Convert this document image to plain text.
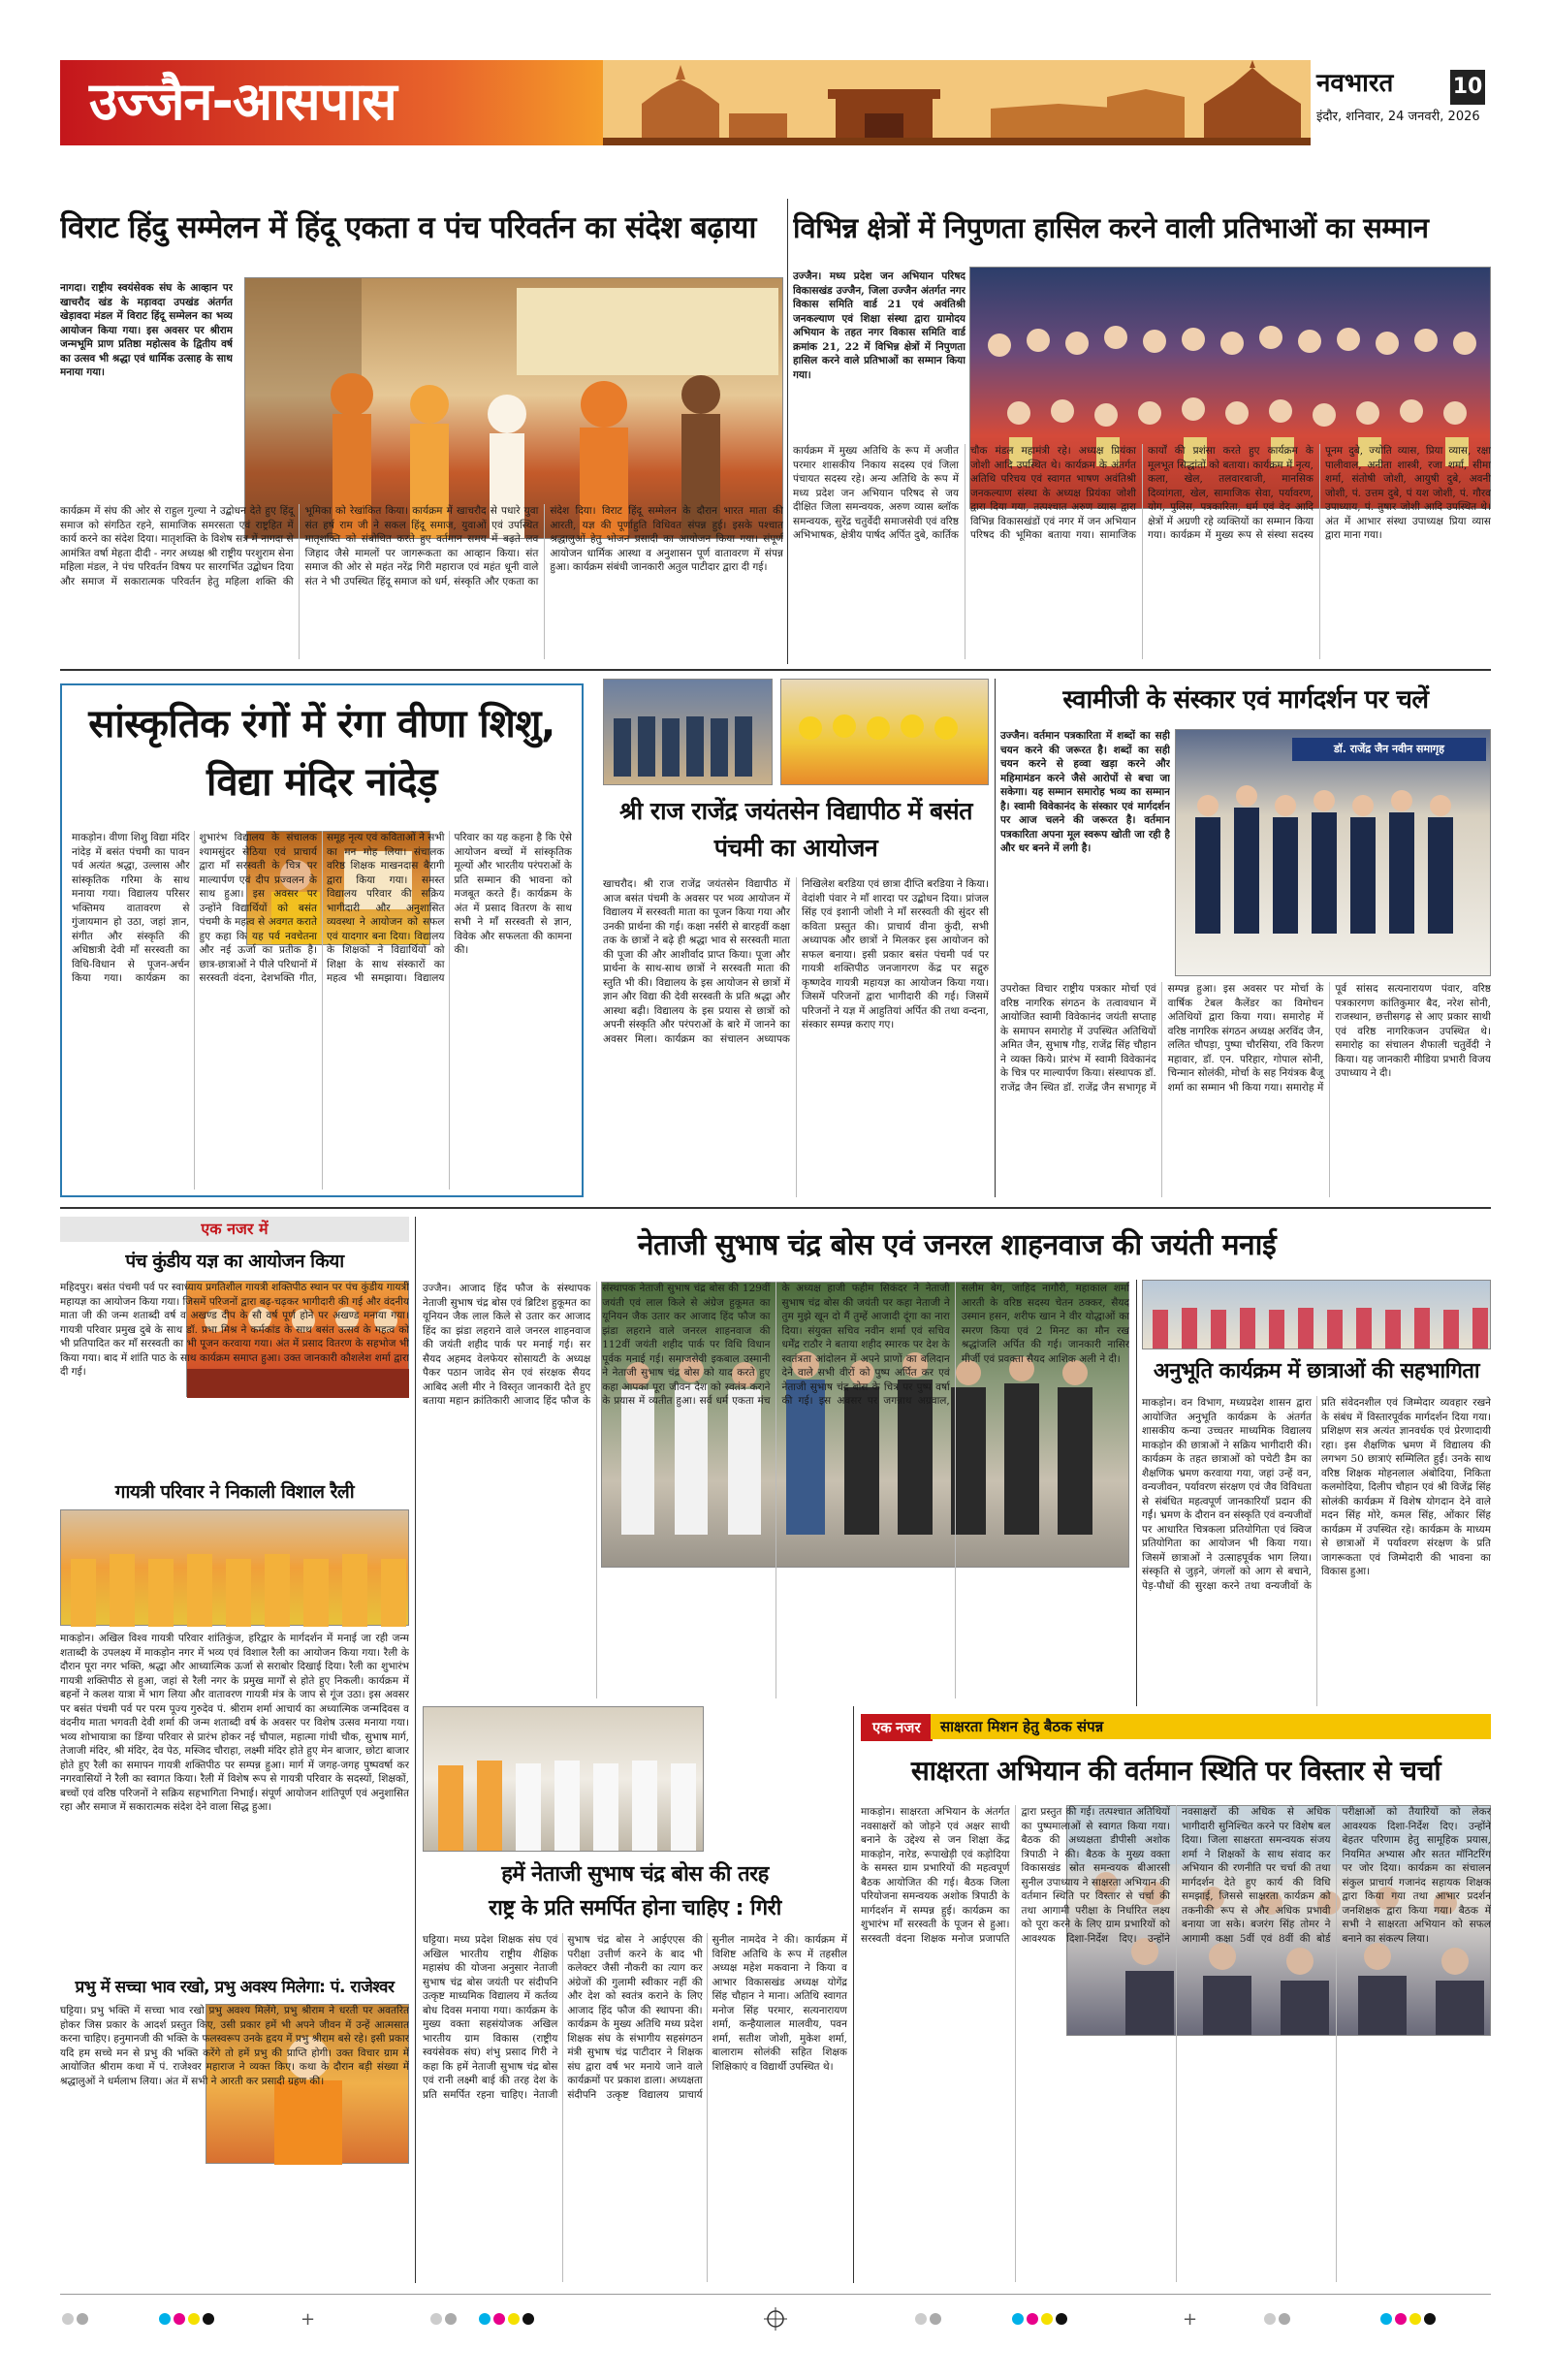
उज्जैन-आसपास	नवभारत
इंदौर, शनिवार, 24 जनवरी, 2026
10
विराट हिंदु सम्मेलन में हिंदू एकता व पंच परिवर्तन का संदेश बढ़ाया
नागदा। राष्ट्रीय स्वयंसेवक संघ के आव्हान पर खाचरौद खंड के मड़ावदा उपखंड अंतर्गत खेड़ावदा मंडल में विराट हिंदू सम्मेलन का भव्य आयोजन किया गया। इस अवसर पर श्रीराम जन्मभूमि प्राण प्रतिष्ठा महोत्सव के द्वितीय वर्ष का उत्सव भी श्रद्धा एवं धार्मिक उत्साह के साथ मनाया गया।
कार्यक्रम में संघ की ओर से राहुल गुल्या ने उद्बोधन देते हुए हिंदू समाज को संगठित रहने, सामाजिक समरसता एवं राष्ट्रहित में कार्य करने का संदेश दिया। मातृशक्ति के विशेष सत्र में नागदा से आमंत्रित वर्षा मेहता दीदी - नगर अध्यक्ष श्री राष्ट्रीय परशुराम सेना महिला मंडल, ने पंच परिवर्तन विषय पर सारगर्भित उद्बोधन दिया और समाज में सकारात्मक परिवर्तन हेतु महिला शक्ति की भूमिका को रेखांकित किया। कार्यक्रम में खाचरौद से पधारे युवा संत हर्ष राम जी ने सकल हिंदू समाज, युवाओं एवं उपस्थित मातृशक्ति को संबोधित करते हुए वर्तमान समय में बढ़ते लव जिहाद जैसे मामलों पर जागरूकता का आव्हान किया। संत समाज की ओर से महंत नरेंद्र गिरी महाराज एवं महंत धूनी वाले संत ने भी उपस्थित हिंदू समाज को धर्म, संस्कृति और एकता का संदेश दिया। विराट हिंदू सम्मेलन के दौरान भारत माता की आरती, यज्ञ की पूर्णाहुति विधिवत संपन्न हुई। इसके पश्चात श्रद्धालुओं हेतु भोजन प्रसादी का आयोजन किया गया। संपूर्ण आयोजन धार्मिक आस्था व अनुशासन पूर्ण वातावरण में संपन्न हुआ। कार्यक्रम संबंधी जानकारी अतुल पाटीदार द्वारा दी गई।
विभिन्न क्षेत्रों में निपुणता हासिल करने वाली प्रतिभाओं का सम्मान
उज्जैन। मध्य प्रदेश जन अभियान परिषद विकासखंड उज्जैन, जिला उज्जैन अंतर्गत नगर विकास समिति वार्ड 21 एवं अवंतिश्री जनकल्याण एवं शिक्षा संस्था द्वारा ग्रामोदय अभियान के तहत नगर विकास समिति वार्ड क्रमांक 21, 22 में विभिन्न क्षेत्रों में निपुणता हासिल करने वाले प्रतिभाओं का सम्मान किया गया।
कार्यक्रम में मुख्य अतिथि के रूप में अजीत परमार शासकीय निकाय सदस्य एवं जिला पंचायत सदस्य रहे। अन्य अतिथि के रूप में मध्य प्रदेश जन अभियान परिषद से जय दीक्षित जिला समन्वयक, अरुण व्यास ब्लॉक समन्वयक, सुरेंद्र चतुर्वेदी समाजसेवी एवं वरिष्ठ अभिभाषक, क्षेत्रीय पार्षद अर्पित दुबे, कार्तिक चौक मंडल महामंत्री रहे। अध्यक्ष प्रियंका जोशी आदि उपस्थित थे। कार्यक्रम के अंतर्गत अतिथि परिचय एवं स्वागत भाषण अवंतिश्री जनकल्याण संस्था के अध्यक्ष प्रियंका जोशी द्वारा दिया गया, तत्पश्चात अरुण व्यास द्वारा विभिन्न विकासखंडों एवं नगर में जन अभियान परिषद की भूमिका बताया गया। सामाजिक कार्यों की प्रशंसा करते हुए कार्यक्रम के मूलभूत सिद्धांतों को बताया। कार्यक्रम में नृत्य, कला, खेल, तलवारबाजी, मानसिक दिव्यांगता, खेल, सामाजिक सेवा, पर्यावरण, योग, पुलिस, पत्रकारिता, धर्म एवं वेद आदि क्षेत्रों में अग्रणी रहे व्यक्तियों का सम्मान किया गया। कार्यक्रम में मुख्य रूप से संस्था सदस्य पूनम दुबे, ज्योति व्यास, प्रिया व्यास, रक्षा पालीवाल, अनीता शास्त्री, रजा शर्मा, सीमा शर्मा, संतोषी जोशी, आयुषी दुबे, अवनी जोशी, पं. उत्तम दुबे, पं यश जोशी, पं. गौरव उपाध्याय, पं. तुषार जोशी आदि उपस्थित थे। अंत में आभार संस्था उपाध्यक्ष प्रिया व्यास द्वारा माना गया।
सांस्कृतिक रंगों में रंगा वीणा शिशु, विद्या मंदिर नांदेड़
माकड़ोन। वीणा शिशु विद्या मंदिर नांदेड़ में बसंत पंचमी का पावन पर्व अत्यंत श्रद्धा, उल्लास और सांस्कृतिक गरिमा के साथ मनाया गया। विद्यालय परिसर भक्तिमय वातावरण से गुंजायमान हो उठा, जहां ज्ञान, संगीत और संस्कृति की अधिष्ठात्री देवी माँ सरस्वती का विधि-विधान से पूजन-अर्चन किया गया। कार्यक्रम का शुभारंभ विद्यालय के संचालक श्यामसुंदर सेठिया एवं प्राचार्य द्वारा माँ सरस्वती के चित्र पर माल्यार्पण एवं दीप प्रज्वलन के साथ हुआ। इस अवसर पर उन्होंने विद्यार्थियों को बसंत पंचमी के महत्व से अवगत कराते हुए कहा कि यह पर्व नवचेतना और नई ऊर्जा का प्रतीक है। छात्र-छात्राओं ने पीले परिधानों में सरस्वती वंदना, देशभक्ति गीत, समूह नृत्य एवं कविताओं ने सभी का मन मोह लिया। संचालक वरिष्ठ शिक्षक माखनदास बैरागी द्वारा किया गया। समस्त विद्यालय परिवार की सक्रिय भागीदारी और अनुशासित व्यवस्था ने आयोजन को सफल एवं यादगार बना दिया। विद्यालय के शिक्षकों ने विद्यार्थियों को शिक्षा के साथ संस्कारों का महत्व भी समझाया। विद्यालय परिवार का यह कहना है कि ऐसे आयोजन बच्चों में सांस्कृतिक मूल्यों और भारतीय परंपराओं के प्रति सम्मान की भावना को मजबूत करते हैं। कार्यक्रम के अंत में प्रसाद वितरण के साथ सभी ने माँ सरस्वती से ज्ञान, विवेक और सफलता की कामना की।
श्री राज राजेंद्र जयंतसेन विद्यापीठ में बसंत पंचमी का आयोजन
खाचरौद। श्री राज राजेंद्र जयंतसेन विद्यापीठ में आज बसंत पंचमी के अवसर पर भव्य आयोजन में विद्यालय में सरस्वती माता का पूजन किया गया और उनकी प्रार्थना की गई। कक्षा नर्सरी से बारहवीं कक्षा तक के छात्रों ने बढ़े ही श्रद्धा भाव से सरस्वती माता की पूजा की और आशीर्वाद प्राप्त किया। पूजा और प्रार्थना के साथ-साथ छात्रों ने सरस्वती माता की स्तुति भी की। विद्यालय के इस आयोजन से छात्रों में ज्ञान और विद्या की देवी सरस्वती के प्रति श्रद्धा और आस्था बढ़ी। विद्यालय के इस प्रयास से छात्रों को अपनी संस्कृति और परंपराओं के बारे में जानने का अवसर मिला। कार्यक्रम का संचालन अध्यापक निखिलेश बरडिया एवं छात्रा दीप्ति बरडिया ने किया। वेदांशी पंवार ने माँ शारदा पर उद्बोधन दिया। प्रांजल सिंह एवं इशानी जोशी ने माँ सरस्वती की सुंदर सी कविता प्रस्तुत की। प्राचार्य वीना कुंदी, सभी अध्यापक और छात्रों ने मिलकर इस आयोजन को सफल बनाया। इसी प्रकार बसंत पंचमी पर्व पर गायत्री शक्तिपीठ जनजागरण केंद्र पर सद्गुरु कृष्णदेव गायत्री महायज्ञ का आयोजन किया गया। जिसमें परिजनों द्वारा भागीदारी की गई। जिसमें परिजनों ने यज्ञ में आहुतियां अर्पित की तथा वन्दना, संस्कार सम्पन्न कराए गए।
स्वामीजी के संस्कार एवं मार्गदर्शन पर चलें
उज्जैन। वर्तमान पत्रकारिता में शब्दों का सही चयन करने की जरूरत है। शब्दों का सही चयन करने से हव्वा खड़ा करने और महिमामंडन करने जैसे आरोपों से बचा जा सकेगा। यह सम्मान समारोह भव्य का सम्मान है। स्वामी विवेकानंद के संस्कार एवं मार्गदर्शन पर आज चलने की जरूरत है। वर्तमान पत्रकारिता अपना मूल स्वरूप खोती जा रही है और धर बनने में लगी है।
डॉ. राजेंद्र जैन नवीन समागृह
उपरोक्त विचार राष्ट्रीय पत्रकार मोर्चा एवं वरिष्ठ नागरिक संगठन के तत्वावधान में आयोजित स्वामी विवेकानंद जयंती सप्ताह के समापन समारोह में उपस्थित अतिथियों अमित जैन, सुभाष गौड़, राजेंद्र सिंह चौहान ने व्यक्त किये। प्रारंभ में स्वामी विवेकानंद के चित्र पर माल्यार्पण किया। संस्थापक डॉ. राजेंद्र जैन स्थित डॉ. राजेंद्र जैन सभागृह में सम्पन्न हुआ। इस अवसर पर मोर्चा के वार्षिक टेबल कैलेंडर का विमोचन अतिथियों द्वारा किया गया। समारोह में वरिष्ठ नागरिक संगठन अध्यक्ष अरविंद जैन, ललित चौपड़ा, पुष्पा चौरसिया, रवि किरण महावार, डॉ. एन. परिहार, गोपाल सोनी, चिन्मान सोलंकी, मोर्चा के सह नियंत्रक बैजू शर्मा का सम्मान भी किया गया। समारोह में पूर्व सांसद सत्यनारायण पंवार, वरिष्ठ पत्रकारगण कांतिकुमार बैद, नरेश सोनी, राजस्थान, छत्तीसगढ़ से आए प्रकार साथी एवं वरिष्ठ नागरिकजन उपस्थित थे। समारोह का संचालन शैफाली चतुर्वेदी ने किया। यह जानकारी मीडिया प्रभारी विजय उपाध्याय ने दी।
एक नजर में
पंच कुंडीय यज्ञ का आयोजन किया
महिदपुर। बसंत पंचमी पर्व पर स्वाध्याय प्रगतिशील गायत्री शक्तिपीठ स्थान पर पंच कुंडीय गायत्री महायज्ञ का आयोजन किया गया। जिसमें परिजनों द्वारा बढ़-चढ़कर भागीदारी की गई और वंदनीय माता जी की जन्म शताब्दी वर्ष व अखण्ड दीप के सौ वर्ष पूर्ण होने पर अखण्ड मनाया गया। गायत्री परिवार प्रमुख दुबे के साथ डॉ. प्रभा मिश्र ने कर्मकांड के साथ बसंत उत्सव के महत्व को भी प्रतिपादित कर माँ सरस्वती का भी पूजन करवाया गया। अंत में प्रसाद वितरण के सहभोज भी किया गया। बाद में शांति पाठ के साथ कार्यक्रम समाप्त हुआ। उक्त जानकारी कौशलेश शर्मा द्वारा दी गई।
गायत्री परिवार ने निकाली विशाल रैली
माकड़ोन। अखिल विश्व गायत्री परिवार शांतिकुंज, हरिद्वार के मार्गदर्शन में मनाई जा रही जन्म शताब्दी के उपलक्ष्य में माकड़ोन नगर में भव्य एवं विशाल रैली का आयोजन किया गया। रैली के दौरान पूरा नगर भक्ति, श्रद्धा और आध्यात्मिक ऊर्जा से सराबोर दिखाई दिया। रैली का शुभारंभ गायत्री शक्तिपीठ से हुआ, जहां से रैली नगर के प्रमुख मार्गों से होते हुए निकली। कार्यक्रम में बहनों ने कलश यात्रा में भाग लिया और वातावरण गायत्री मंत्र के जाप से गूंज उठा। इस अवसर पर बसंत पंचमी पर्व पर परम पूज्य गुरुदेव पं. श्रीराम शर्मा आचार्य का अध्यात्मिक जन्मदिवस व वंदनीय माता भगवती देवी शर्मा की जन्म शताब्दी वर्ष के अवसर पर विशेष उत्सव मनाया गया। भव्य शोभायात्रा का डिंग्या परिवार से प्रारंभ होकर नई चौपाल, महात्मा गांधी चौक, सुभाष मार्ग, तेजाजी मंदिर, श्री मंदिर, देव पेठ, मस्जिद चौराहा, लक्ष्मी मंदिर होते हुए मेन बाजार, छोटा बाजार होते हुए रैली का समापन गायत्री शक्तिपीठ पर सम्पन्न हुआ। मार्ग में जगह-जगह पुष्पवर्षा कर नगरवासियों ने रैली का स्वागत किया। रैली में विशेष रूप से गायत्री परिवार के सदस्यों, शिक्षकों, बच्चों एवं वरिष्ठ परिजनों ने सक्रिय सहभागिता निभाई। संपूर्ण आयोजन शांतिपूर्ण एवं अनुशासित रहा और समाज में सकारात्मक संदेश देने वाला सिद्ध हुआ।
प्रभु में सच्चा भाव रखो, प्रभु अवश्य मिलेगा: पं. राजेश्वर
घट्टिया। प्रभु भक्ति में सच्चा भाव रखो प्रभु अवश्य मिलेंगे, प्रभु श्रीराम ने धरती पर अवतरित होकर जिस प्रकार के आदर्श प्रस्तुत किए, उसी प्रकार हमें भी अपने जीवन में उन्हें आत्मसात करना चाहिए। हनुमानजी की भक्ति के फलस्वरूप उनके हृदय में प्रभु श्रीराम बसे रहे। इसी प्रकार यदि हम सच्चे मन से प्रभु की भक्ति करेंगे तो हमें प्रभु की प्राप्ति होगी। उक्त विचार ग्राम में आयोजित श्रीराम कथा में पं. राजेश्वर महाराज ने व्यक्त किए। कथा के दौरान बड़ी संख्या में श्रद्धालुओं ने धर्मलाभ लिया। अंत में सभी ने आरती कर प्रसादी ग्रहण की।
नेताजी सुभाष चंद्र बोस एवं जनरल शाहनवाज की जयंती मनाई
उज्जैन। आजाद हिंद फौज के संस्थापक नेताजी सुभाष चंद्र बोस एवं ब्रिटिश हुकूमत का यूनियन जैक लाल किले से उतार कर आजाद हिंद का झंडा लहराने वाले जनरल शाहनवाज की जयंती शहीद पार्क पर मनाई गई। सर सैयद अहमद वेलफेयर सोसायटी के अध्यक्ष पैकर पठान जावेद सेन एवं संरक्षक सैयद आबिद अली मीर ने विस्तृत जानकारी देते हुए बताया महान क्रांतिकारी आजाद हिंद फौज के संस्थापक नेताजी सुभाष चंद्र बोस की 129वीं जयंती एवं लाल किले से अंग्रेज हुकूमत का यूनियन जैक उतार कर आजाद हिंद फौज का झंडा लहराने वाले जनरल शाहनवाज की 112वीं जयंती शहीद पार्क पर विधि विधान पूर्वक मनाई गई। समाजसेवी इकबाल उस्मानी ने नेताजी सुभाष चंद्र बोस को याद करते हुए कहा आपका पूरा जीवन देश को स्वतंत्र कराने के प्रयास में व्यतीत हुआ। सर्व धर्म एकता मंच के अध्यक्ष हाजी फहीम सिकंदर ने नेताजी सुभाष चंद्र बोस की जयंती पर कहा नेताजी ने तुम मुझे खून दो मैं तुम्हें आजादी दूंगा का नारा दिया। संयुक्त सचिव नवीन शर्मा एवं सचिव धर्मेंद्र राठौर ने बताया शहीद स्मारक पर देश के स्वतंत्रता आंदोलन में अपने प्राणों का बलिदान देने वाले सभी वीरों को पुष्प अर्पित कर एवं नेताजी सुभाष चंद्र बोस के चित्र पर पुष्प वर्षा की गई। इस अवसर पर जगन्नाथ अग्रवाल, सलीम बेग, जाहिद नागौरी, महाकाल शर्मा आरती के वरिष्ठ सदस्य चेतन ठक्कर, सैयद उस्मान हसन, शरीफ खान ने वीर योद्धाओं का स्मरण किया एवं 2 मिनट का मौन रख श्रद्धांजलि अर्पित की गई। जानकारी नासिर मीर्जी एवं प्रवक्ता सैयद आशिक अली ने दी।
अनुभूति कार्यक्रम में छात्राओं की सहभागिता
माकड़ोन। वन विभाग, मध्यप्रदेश शासन द्वारा आयोजित अनुभूति कार्यक्रम के अंतर्गत शासकीय कन्या उच्चतर माध्यमिक विद्यालय माकड़ोन की छात्राओं ने सक्रिय भागीदारी की। कार्यक्रम के तहत छात्राओं को पचेटी डैम का शैक्षणिक भ्रमण करवाया गया, जहां उन्हें वन, वन्यजीवन, पर्यावरण संरक्षण एवं जैव विविधता से संबंधित महत्वपूर्ण जानकारियाँ प्रदान की गईं। भ्रमण के दौरान वन संस्कृति एवं वन्यजीवों पर आधारित चित्रकला प्रतियोगिता एवं क्विज प्रतियोगिता का आयोजन भी किया गया। जिसमें छात्राओं ने उत्साहपूर्वक भाग लिया। संस्कृति से जुड़ने, जंगलों को आग से बचाने, पेड़-पौधों की सुरक्षा करने तथा वन्यजीवों के प्रति संवेदनशील एवं जिम्मेदार व्यवहार रखने के संबंध में विस्तारपूर्वक मार्गदर्शन दिया गया। प्रशिक्षण सत्र अत्यंत ज्ञानवर्धक एवं प्रेरणादायी रहा। इस शैक्षणिक भ्रमण में विद्यालय की लगभग 50 छात्राएं सम्मिलित हुईं। उनके साथ वरिष्ठ शिक्षक मोहनलाल अंबोदिया, निकिता कलमोदिया, दिलीप चौहान एवं श्री विजेंद्र सिंह सोलंकी कार्यक्रम में विशेष योगदान देने वाले मदन सिंह मोरे, कमल सिंह, ओंकार सिंह कार्यक्रम में उपस्थित रहे। कार्यक्रम के माध्यम से छात्राओं में पर्यावरण संरक्षण के प्रति जागरूकता एवं जिम्मेदारी की भावना का विकास हुआ।
हमें नेताजी सुभाष चंद्र बोस की तरह
राष्ट्र के प्रति समर्पित होना चाहिए : गिरी
घट्टिया। मध्य प्रदेश शिक्षक संघ एवं अखिल भारतीय राष्ट्रीय शैक्षिक महासंघ की योजना अनुसार नेताजी सुभाष चंद्र बोस जयंती पर संदीपनि उत्कृष्ट माध्यमिक विद्यालय में कर्तव्य बोध दिवस मनाया गया। कार्यक्रम के मुख्य वक्ता सहसंयोजक अखिल भारतीय ग्राम विकास (राष्ट्रीय स्वयंसेवक संघ) शंभु प्रसाद गिरी ने कहा कि हमें नेताजी सुभाष चंद्र बोस एवं रानी लक्ष्मी बाई की तरह देश के प्रति समर्पित रहना चाहिए। नेताजी सुभाष चंद्र बोस ने आईएएस की परीक्षा उत्तीर्ण करने के बाद भी कलेक्टर जैसी नौकरी का त्याग कर अंग्रेजों की गुलामी स्वीकार नहीं की और देश को स्वतंत्र कराने के लिए आजाद हिंद फौज की स्थापना की। कार्यक्रम के मुख्य अतिथि मध्य प्रदेश शिक्षक संघ के संभागीय सहसंगठन मंत्री सुभाष चंद्र पाटीदार ने शिक्षक संघ द्वारा वर्ष भर मनाये जाने वाले कार्यक्रमों पर प्रकाश डाला। अध्यक्षता संदीपनि उत्कृष्ट विद्यालय प्राचार्य सुनील नामदेव ने की। कार्यक्रम में विशिष्ट अतिथि के रूप में तहसील अध्यक्ष महेश मकवाना ने किया व आभार विकासखंड अध्यक्ष योगेंद्र सिंह चौहान ने माना। अतिथि स्वागत मनोज सिंह परमार, सत्यनारायण शर्मा, कन्हैयालाल मालवीय, पवन शर्मा, सतीश जोशी, मुकेश शर्मा, बालाराम सोलंकी सहित शिक्षक शिक्षिकाएं व विद्यार्थी उपस्थित थे।
एक नजर	साक्षरता मिशन हेतु बैठक संपन्न
साक्षरता अभियान की वर्तमान स्थिति पर विस्तार से चर्चा
माकड़ोन। साक्षरता अभियान के अंतर्गत नवसाक्षरों को जोड़ने एवं अक्षर साथी बनाने के उद्देश्य से जन शिक्षा केंद्र माकड़ोन, नारेड, रूपाखेड़ी एवं कड़ोदिया के समस्त ग्राम प्रभारियों की महत्वपूर्ण बैठक आयोजित की गई। बैठक जिला परियोजना समन्वयक अशोक त्रिपाठी के मार्गदर्शन में सम्पन्न हुई। कार्यक्रम का शुभारंभ माँ सरस्वती के पूजन से हुआ। सरस्वती वंदना शिक्षक मनोज प्रजापति द्वारा प्रस्तुत की गई। तत्पश्चात अतिथियों का पुष्पमालाओं से स्वागत किया गया। बैठक की अध्यक्षता डीपीसी अशोक त्रिपाठी ने की। बैठक के मुख्य वक्ता विकासखंड स्रोत समन्वयक बीआरसी सुनील उपाध्याय ने साक्षरता अभियान की वर्तमान स्थिति पर विस्तार से चर्चा की तथा आगामी परीक्षा के निर्धारित लक्ष्य को पूरा करने के लिए ग्राम प्रभारियों को आवश्यक दिशा-निर्देश दिए। उन्होंने नवसाक्षरों की अधिक से अधिक भागीदारी सुनिश्चित करने पर विशेष बल दिया। जिला साक्षरता समन्वयक संजय शर्मा ने शिक्षकों के साथ संवाद कर अभियान की रणनीति पर चर्चा की तथा मार्गदर्शन देते हुए कार्य की विधि समझाई, जिससे साक्षरता कार्यक्रम को तकनीकी रूप से और अधिक प्रभावी बनाया जा सके। बजरंग सिंह तोमर ने आगामी कक्षा 5वीं एवं 8वीं की बोर्ड परीक्षाओं को तैयारियों को लेकर आवश्यक दिशा-निर्देश दिए। उन्होंने बेहतर परिणाम हेतु सामूहिक प्रयास, नियमित अभ्यास और सतत मॉनिटरिंग पर जोर दिया। कार्यक्रम का संचालन संकुल प्राचार्य गजानंद सहायक शिक्षक द्वारा किया गया तथा आभार प्रदर्शन जनशिक्षक द्वारा किया गया। बैठक में सभी ने साक्षरता अभियान को सफल बनाने का संकल्प लिया।
+	+
